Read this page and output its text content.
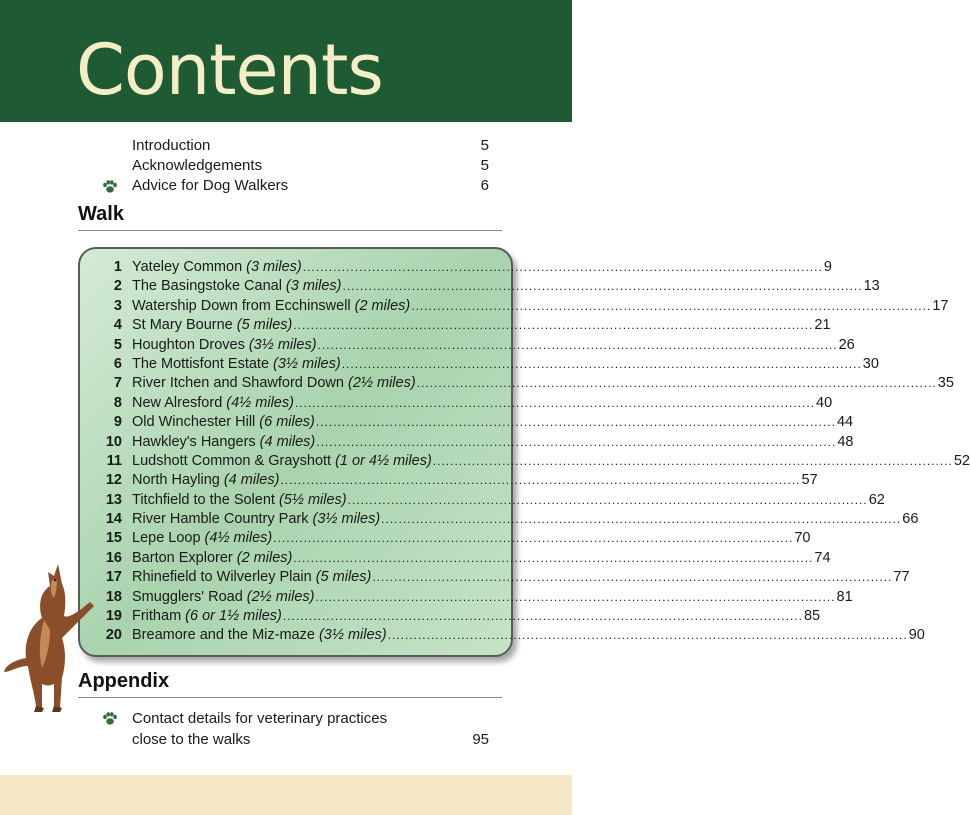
Contents
Introduction	5
Acknowledgements	5
Advice for Dog Walkers	6
Walk
1 Yateley Common (3 miles) ........................................................................................................................ 9
2 The Basingstoke Canal (3 miles) ........................................................................................................................ 13
3 Watership Down from Ecchinswell (2 miles) ........................................................................................................................ 17
4 St Mary Bourne (5 miles) ........................................................................................................................ 21
5 Houghton Droves (3½ miles) ........................................................................................................................ 26
6 The Mottisfont Estate (3½ miles) ........................................................................................................................ 30
7 River Itchen and Shawford Down (2½ miles) ........................................................................................................................ 35
8 New Alresford (4½ miles) ........................................................................................................................ 40
9 Old Winchester Hill (6 miles) ........................................................................................................................ 44
10 Hawkley's Hangers (4 miles) ........................................................................................................................ 48
11 Ludshott Common & Grayshott (1 or 4½ miles) ........................................................................................................................ 52
12 North Hayling (4 miles) ........................................................................................................................ 57
13 Titchfield to the Solent (5½ miles) ........................................................................................................................ 62
14 River Hamble Country Park (3½ miles) ........................................................................................................................ 66
15 Lepe Loop (4½ miles) ........................................................................................................................ 70
16 Barton Explorer (2 miles) ........................................................................................................................ 74
17 Rhinefield to Wilverley Plain (5 miles) ........................................................................................................................ 77
18 Smugglers' Road (2½ miles) ........................................................................................................................ 81
19 Fritham (6 or 1½ miles) ........................................................................................................................ 85
20 Breamore and the Miz-maze (3½ miles) ........................................................................................................................ 90
Appendix
Contact details for veterinary practices
close to the walks	95
